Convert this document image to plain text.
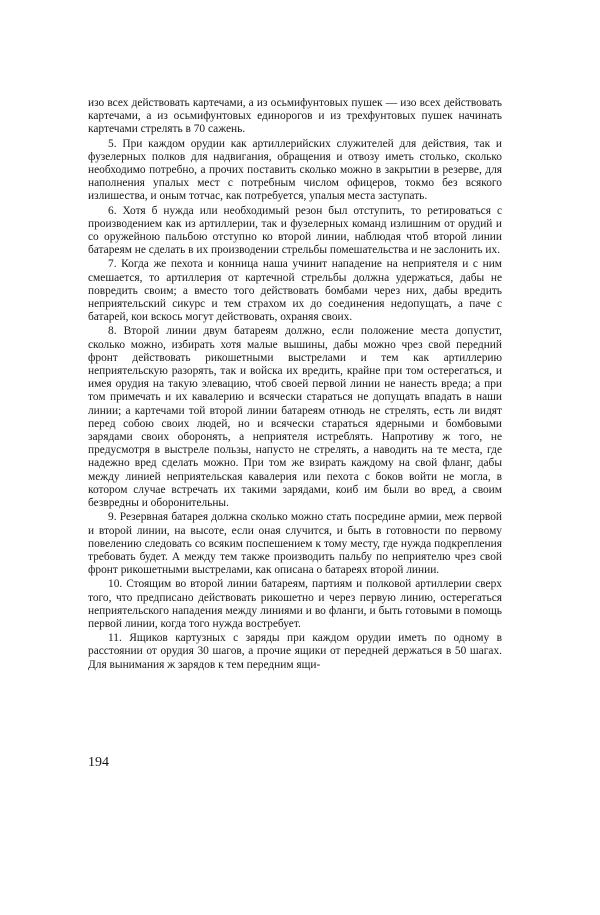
изо всех действовать картечами, а из осьмифунтовых пушек — изо всех действовать картечами, а из осьмифунтовых единорогов и из трехфунтовых пушек начинать картечами стрелять в 70 сажень.

5. При каждом орудии как артиллерийских служителей для действия, так и фузелерных полков для надвигания, обращения и отвозу иметь столько, сколько необходимо потребно, а прочих поставить сколько можно в закрытии в резерве, для наполнения упалых мест с потребным числом офицеров, токмо без всякого излишества, и оным тотчас, как потребуется, упалыя места заступать.

6. Хотя б нужда или необходимый резон был отступить, то ретироваться с производением как из артиллерии, так и фузелерных команд излишним от орудий и со оружейною пальбою отступно ко второй линии, наблюдая чтоб второй линии батареям не сделать в их производении стрельбы помешательства и не заслонить их.

7. Когда же пехота и конница наша учинит нападение на неприятеля и с ним смешается, то артиллерия от картечной стрельбы должна удержаться, дабы не повредить своим; а вместо того действовать бомбами через них, дабы вредить неприятельский сикурс и тем страхом их до соединения недопущать, а паче с батарей, кои вскось могут действовать, охраняя своих.

8. Второй линии двум батареям должно, если положение места допустит, сколько можно, избирать хотя малые вышины, дабы можно чрез свой передний фронт действовать рикошетными выстрелами и тем как артиллерию неприятельскую разорять, так и войска их вредить, крайне при том остерегаться, и имея орудия на такую элевацию, чтоб своей первой линии не нанесть вреда; а при том примечать и их кавалерию и всячески стараться не допущать впадать в наши линии; а картечами той второй линии батареям отнюдь не стрелять, есть ли видят перед собою своих людей, но и всячески стараться ядерными и бомбовыми зарядами своих оборонять, а неприятеля истреблять. Напротиву ж того, не предусмотря в выстреле пользы, напусто не стрелять, а наводить на те места, где надежно вред сделать можно. При том же взирать каждому на свой фланг, дабы между линией неприятельская кавалерия или пехота с боков войти не могла, в котором случае встречать их такими зарядами, коиб им были во вред, а своим безвредны и оборонительны.

9. Резервная батарея должна сколько можно стать посредине армии, меж первой и второй линии, на высоте, если оная случится, и быть в готовности по первому повелению следовать со всяким поспешением к тому месту, где нужда подкрепления требовать будет. А между тем также производить пальбу по неприятелю чрез свой фронт рикошетными выстрелами, как описана о батареях второй линии.

10. Стоящим во второй линии батареям, партиям и полковой артиллерии сверх того, что предписано действовать рикошетно и через первую линию, остерегаться неприятельского нападения между линиями и во фланги, и быть готовыми в помощь первой линии, когда того нужда востребует.

11. Ящиков картузных с заряды при каждом орудии иметь по одному в расстоянии от орудия 30 шагов, а прочие ящики от передней держаться в 50 шагах. Для вынимания ж зарядов к тем передним ящи-

194
